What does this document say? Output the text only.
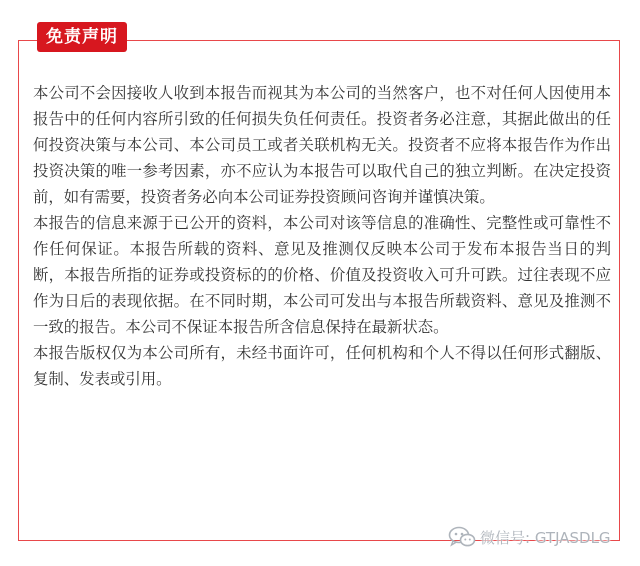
免责声明

本公司不会因接收人收到本报告而视其为本公司的当然客户，也不对任何人因使用本报告中的任何内容所引致的任何损失负任何责任。投资者务必注意，其据此做出的任何投资决策与本公司、本公司员工或者关联机构无关。投资者不应将本报告作为作出投资决策的唯一参考因素，亦不应认为本报告可以取代自己的独立判断。在决定投资前，如有需要，投资者务必向本公司证券投资顾问咨询并谨慎决策。

本报告的信息来源于已公开的资料，本公司对该等信息的准确性、完整性或可靠性不作任何保证。本报告所载的资料、意见及推测仅反映本公司于发布本报告当日的判断，本报告所指的证券或投资标的的价格、价值及投资收入可升可跌。过往表现不应作为日后的表现依据。在不同时期，本公司可发出与本报告所载资料、意见及推测不一致的报告。本公司不保证本报告所含信息保持在最新状态。

本报告版权仅为本公司所有，未经书面许可，任何机构和个人不得以任何形式翻版、复制、发表或引用。

微信号: GTJASDLG
